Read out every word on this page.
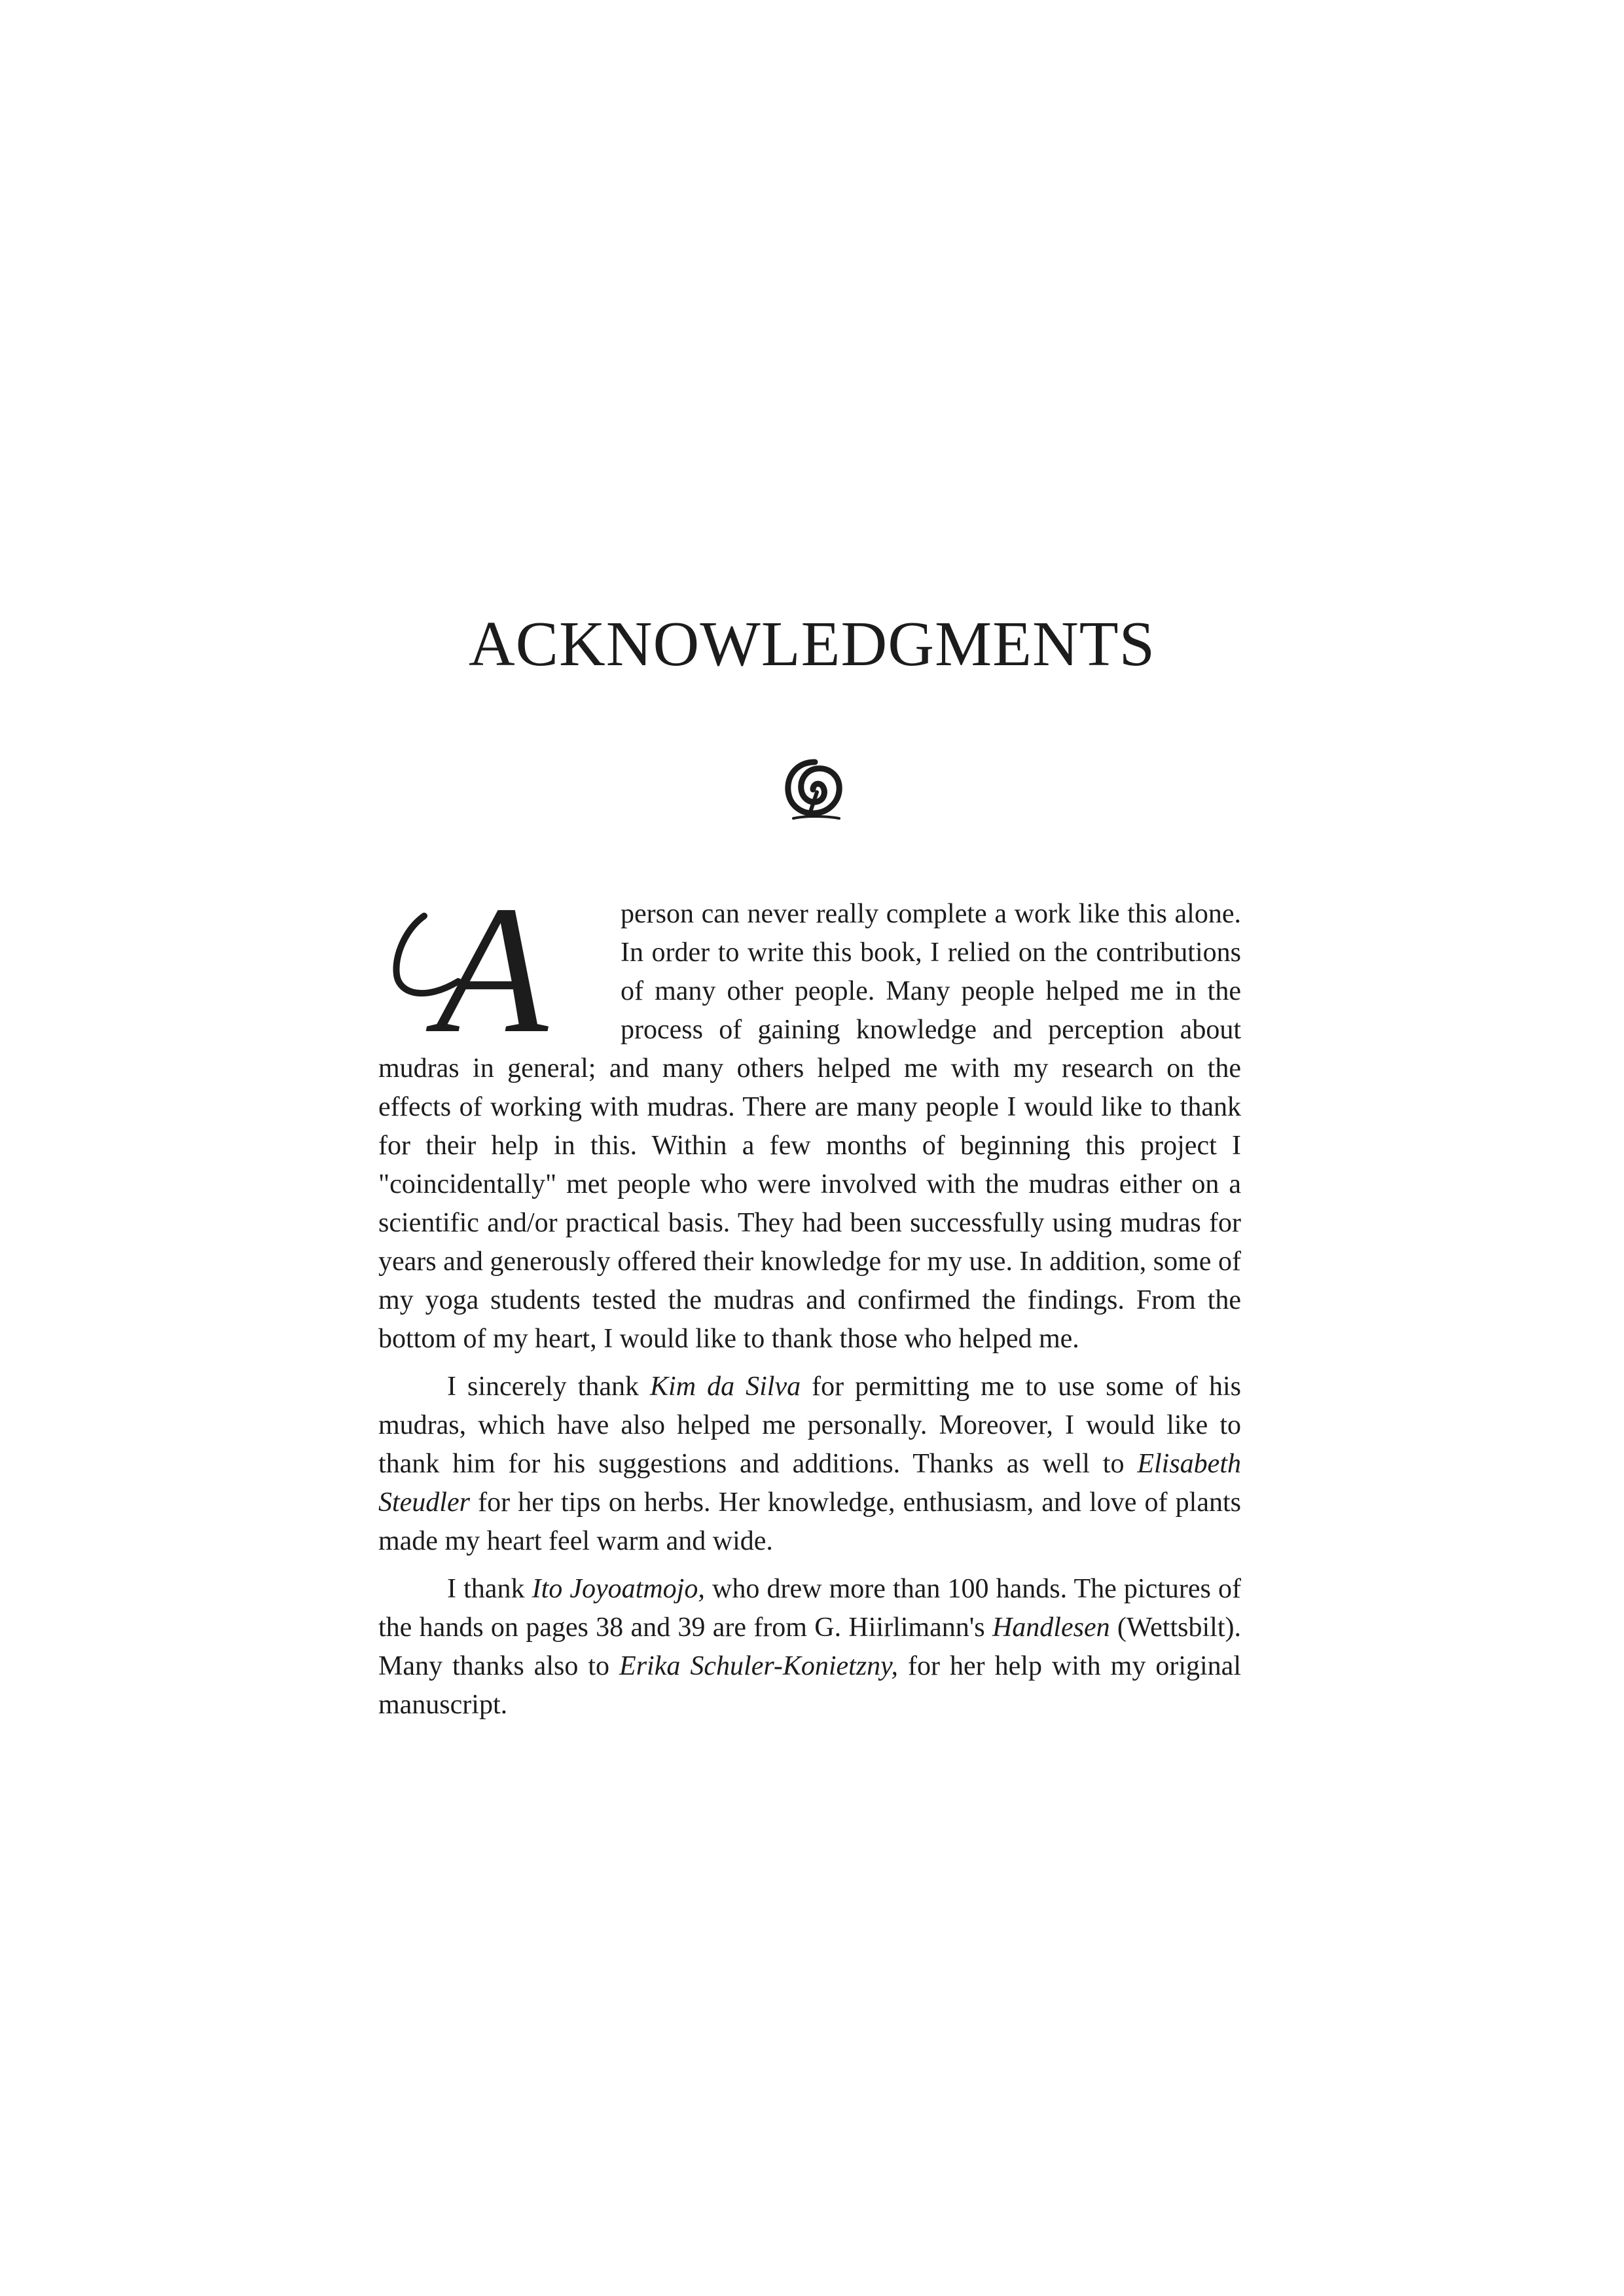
ACKNOWLEDGMENTS

A	person can never really complete a work like this alone. In order to write this book, I relied on the contributions of many other people. Many people helped me in the process of gaining knowledge and perception about mudras in general; and many others helped me with my research on the effects of working with mudras. There are many people I would like to thank for their help in this. Within a few months of beginning this project I "coincidentally" met people who were involved with the mudras either on a scientific and/or practical basis. They had been successfully using mudras for years and generously offered their knowledge for my use. In addition, some of my yoga students tested the mudras and confirmed the findings. From the bottom of my heart, I would like to thank those who helped me.

I sincerely thank Kim da Silva for permitting me to use some of his mudras, which have also helped me personally. Moreover, I would like to thank him for his suggestions and additions. Thanks as well to Elisabeth Steudler for her tips on herbs. Her knowledge, enthusiasm, and love of plants made my heart feel warm and wide.

I thank Ito Joyoatmojo, who drew more than 100 hands. The pictures of the hands on pages 38 and 39 are from G. Hiirlimann's Handlesen (Wettsbilt). Many thanks also to Erika Schuler-Konietzny, for her help with my original manuscript.
